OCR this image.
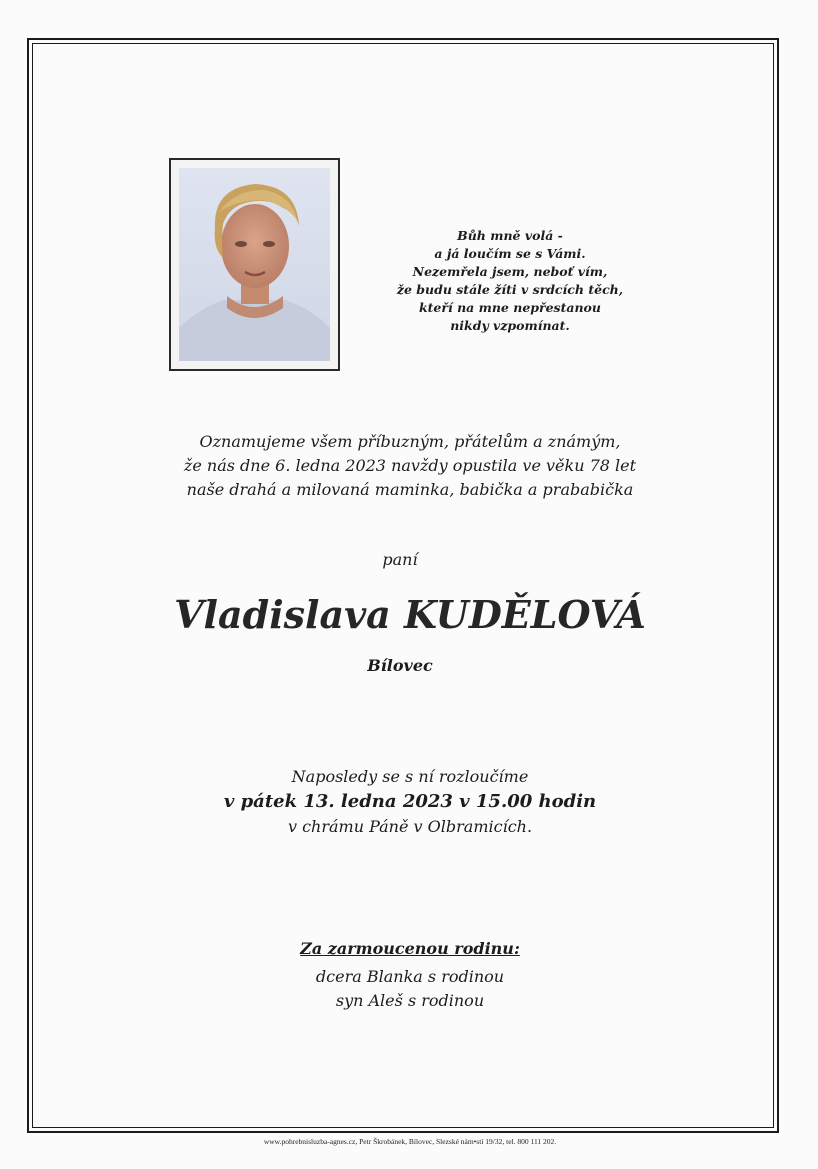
Bůh mně volá -
a já loučím se s Vámi.
Nezemřela jsem, neboť vím,
že budu stále žíti v srdcích těch,
kteří na mne nepřestanou
nikdy vzpomínat.
Oznamujeme všem příbuzným, přátelům a známým,
že nás dne 6. ledna 2023 navždy opustila ve věku 78 let
naše drahá a milovaná maminka, babička a prababička
paní
Vladislava KUDĚLOVÁ
Bílovec
Naposledy se s ní rozloučíme
v pátek 13. ledna 2023 v 15.00 hodin
v chrámu Páně v Olbramicích.
Za zarmoucenou rodinu:
dcera Blanka s rodinou
syn Aleš s rodinou
www.pohrebnisluzba-agnes.cz, Petr Škrobánek, Bílovec, Slezské nám•stí 19/32, tel. 800 111 202.
